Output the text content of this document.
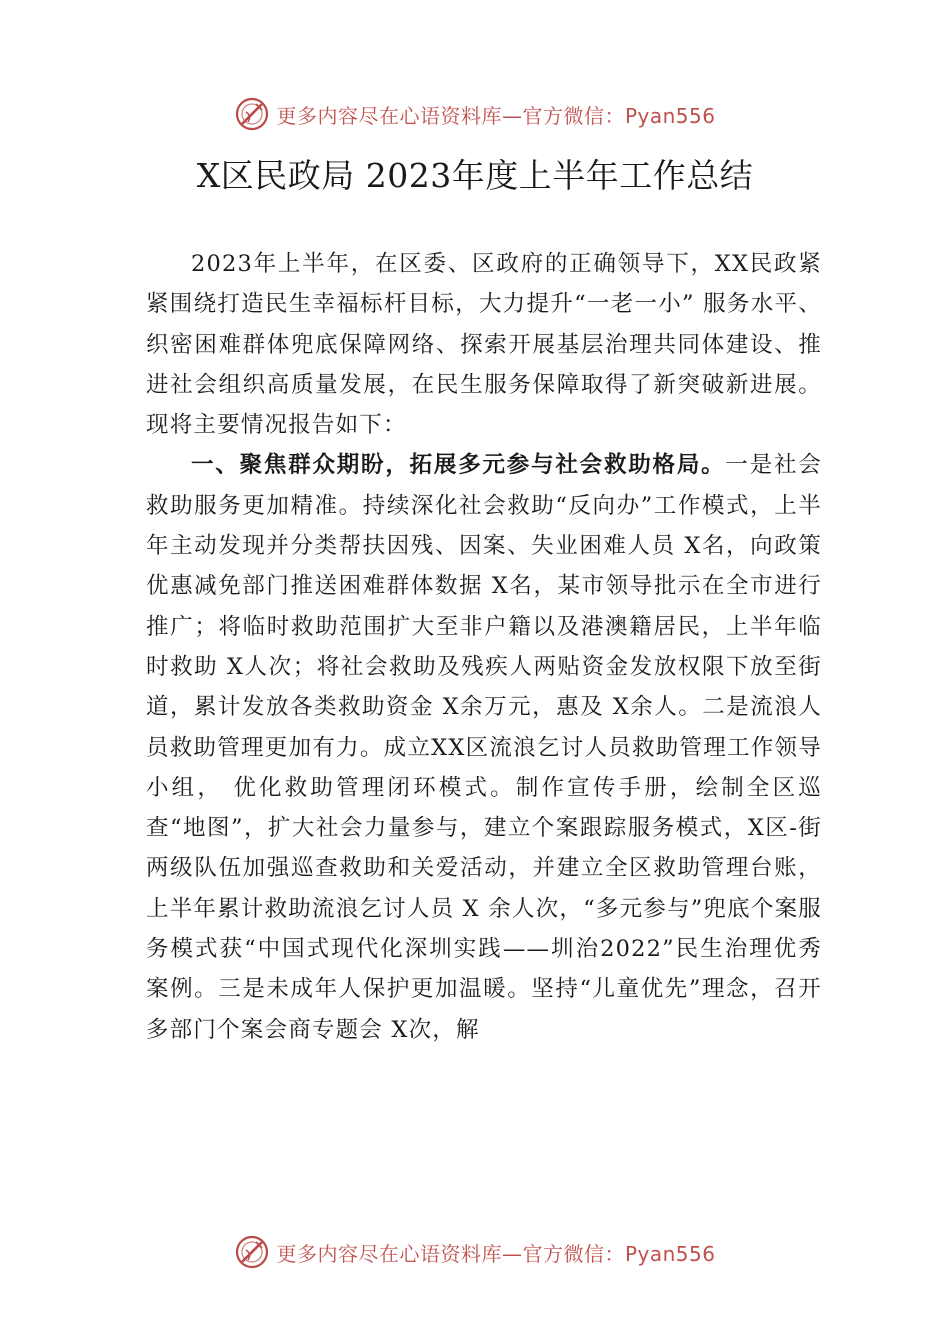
更多内容尽在心语资料库—官方微信：Pyan556
X区民政局 2023年度上半年工作总结

2023年上半年，在区委、区政府的正确领导下，XX民政紧紧围绕打造民生幸福标杆目标，大力提升“一老一小” 服务水平、织密困难群体兜底保障网络、探索开展基层治理共同体建设、推进社会组织高质量发展，在民生服务保障取得了新突破新进展。现将主要情况报告如下：

一、聚焦群众期盼，拓展多元参与社会救助格局。一是社会救助服务更加精准。持续深化社会救助“反向办”工作模式，上半年主动发现并分类帮扶因残、因案、失业困难人员 X名，向政策优惠减免部门推送困难群体数据 X名，某市领导批示在全市进行推广；将临时救助范围扩大至非户籍以及港澳籍居民，上半年临时救助 X人次；将社会救助及残疾人两贴资金发放权限下放至街道，累计发放各类救助资金 X余万元，惠及 X余人。二是流浪人员救助管理更加有力。成立XX区流浪乞讨人员救助管理工作领导小组， 优化救助管理闭环模式。制作宣传手册，绘制全区巡查“地图”，扩大社会力量参与，建立个案跟踪服务模式，X区-街两级队伍加强巡查救助和关爱活动，并建立全区救助管理台账，上半年累计救助流浪乞讨人员 X 余人次，“多元参与”兜底个案服务模式获“中国式现代化深圳实践——圳治2022”民生治理优秀案例。三是未成年人保护更加温暖。坚持“儿童优先”理念，召开多部门个案会商专题会 X次，解

更多内容尽在心语资料库—官方微信：Pyan556
